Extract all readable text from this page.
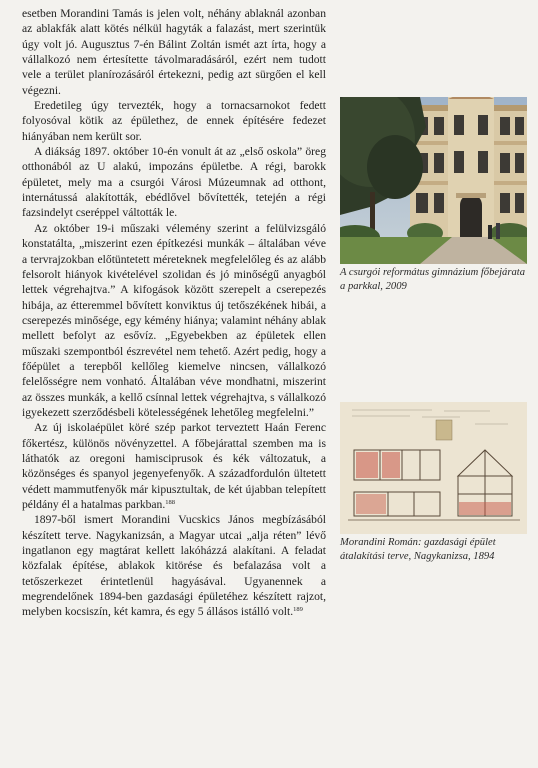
esetben Morandini Tamás is jelen volt, néhány ablaknál azonban az ablakfák alatt kötés nélkül hagyták a falazást, mert szerintük úgy volt jó. Augusztus 7-én Bálint Zoltán ismét azt írta, hogy a vállalkozó nem értesítette távolmaradásáról, ezért nem tudott vele a terület planírozásáról értekezni, pedig azt sürgően el kell végezni.

Eredetileg úgy tervezték, hogy a tornacsarnokot fedett folyosóval kötik az épülethez, de ennek építésére fedezet hiányában nem került sor.

A diákság 1897. október 10-én vonult át az „első oskola” öreg otthonából az U alakú, impozáns épületbe. A régi, barokk épületet, mely ma a csurgói Városi Múzeumnak ad otthont, internátussá alakították, ebédlővel bővítették, tetején a régi fazsindelyt cseréppel váltották le.

Az október 19-i műszaki vélemény szerint a felülvizsgáló konstatálta, „miszerint ezen építkezési munkák – általában véve a tervrajzokban előtüntetett méreteknek megfelelőleg és az alább felsorolt hiányok kivételével szolidan és jó minőségű anyagból lettek végrehajtva.” A kifogások között szerepelt a cserepezés hibája, az étteremmel bővített konviktus új tetőszékének hibái, a cserepezés minősége, egy kémény hiánya; valamint néhány ablak mellett befolyt az esővíz. „Egyebekben az épületek ellen műszaki szempontból észrevétel nem tehető. Azért pedig, hogy a főépület a terepből kellőleg kiemelve nincsen, vállalkozó felelősségre nem vonható. Általában véve mondhatni, miszerint az összes munkák, a kellő csínnal lettek végrehajtva, s vállalkozó igyekezett szerződésbeli kötelességének lehetőleg megfelelni.”

Az új iskolaépület köré szép parkot terveztett Haán Ferenc főkertész, különös növényzettel. A főbejárattal szemben ma is láthatók az oregoni hamisciprusok és kék változatuk, a közönséges és spanyol jegenyefenyők. A századfordulón ültetett védett mammutfenyők már kipusztultak, de két újabban telepített példány él a hatalmas parkban.$^{188}$

1897-ből ismert Morandini Vucskics János megbízásából készített terve. Nagykanizsán, a Magyar utcai „alja réten” lévő ingatlanon egy magtárat kellett lakóházzá alakítani. A feladat közfalak építése, ablakok kitörése és befalazása volt a tetőszerkezet érintetlenül hagyásával. Ugyanennek a megrendelőnek 1894-ben gazdasági épületéhez készített rajzot, melyben kocsiszín, két kamra, és egy 5 állásos istálló volt.$^{189}$

A csurgói református gimnázium főbejárata a parkkal, 2009
Morandini Román: gazdasági épület átalakítási terve, Nagykanizsa, 1894
